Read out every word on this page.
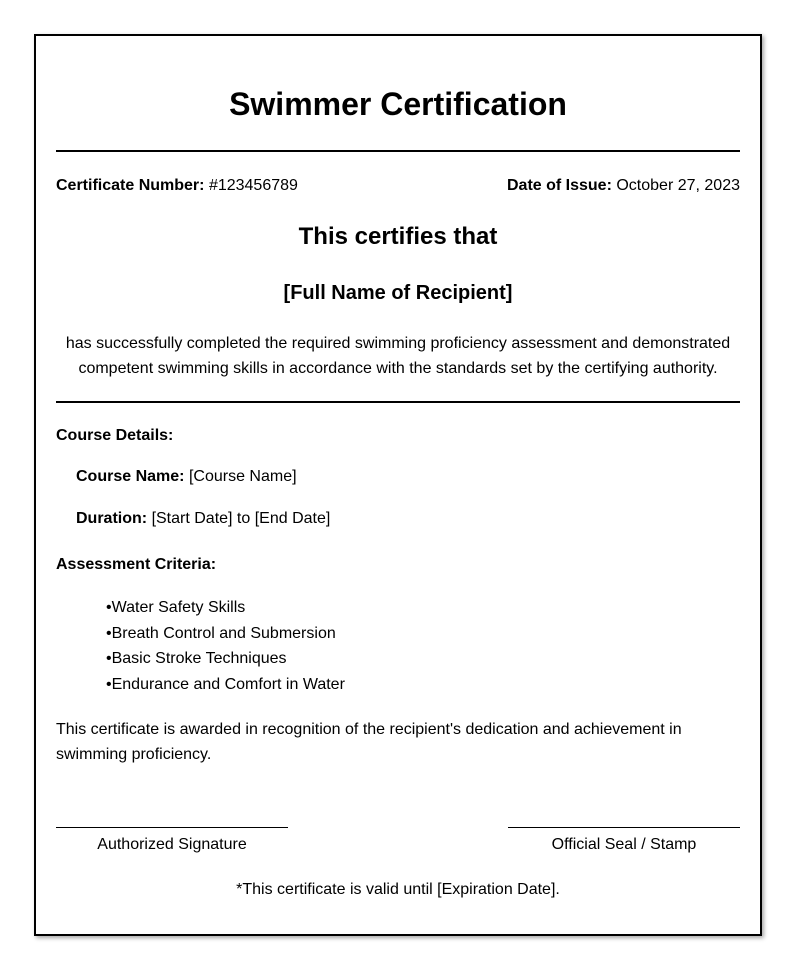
Swimmer Certification
Certificate Number: #123456789	Date of Issue: October 27, 2023
This certifies that
[Full Name of Recipient]
has successfully completed the required swimming proficiency assessment and demonstrated competent swimming skills in accordance with the standards set by the certifying authority.
Course Details:
Course Name: [Course Name]
Duration: [Start Date] to [End Date]
Assessment Criteria:
• Water Safety Skills
• Breath Control and Submersion
• Basic Stroke Techniques
• Endurance and Comfort in Water
This certificate is awarded in recognition of the recipient's dedication and achievement in swimming proficiency.
Authorized Signature	Official Seal / Stamp
*This certificate is valid until [Expiration Date].
